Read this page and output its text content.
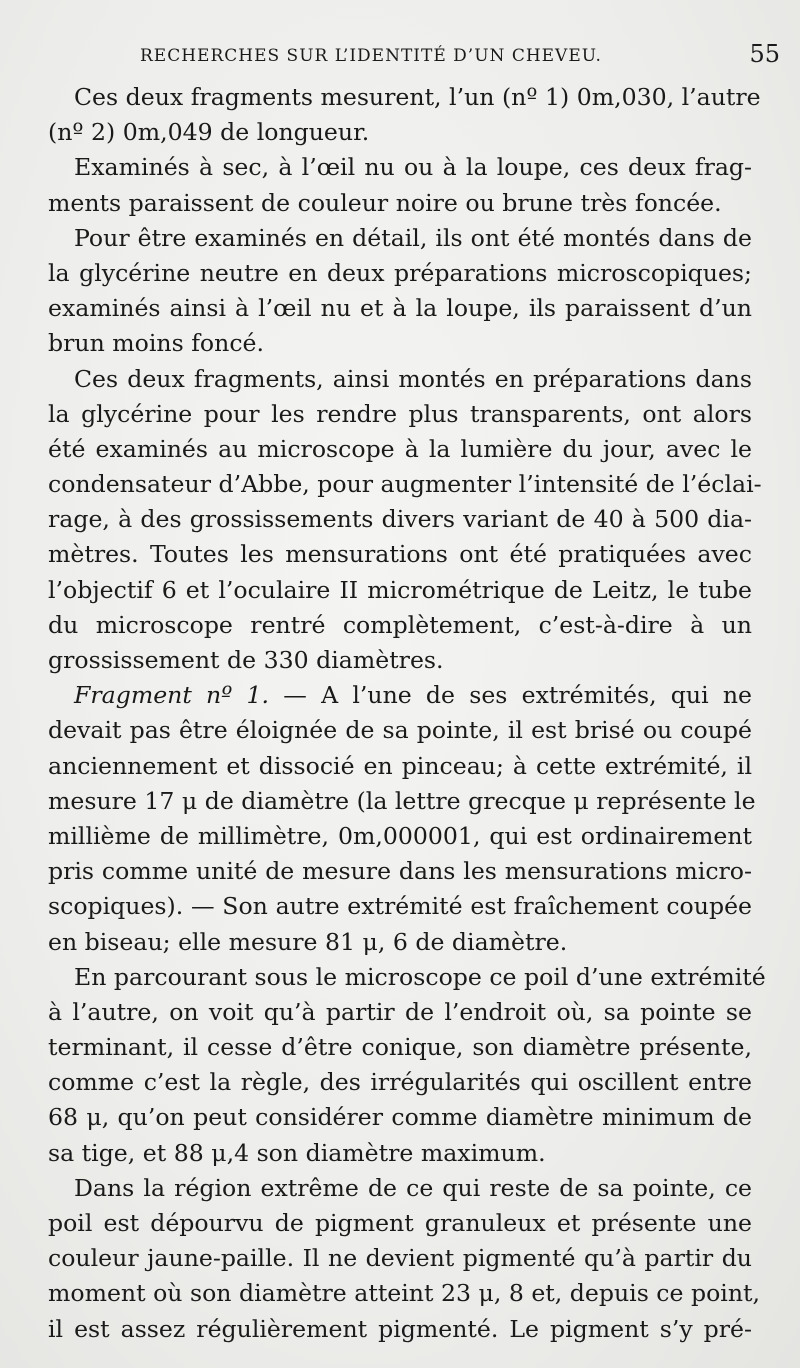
RECHERCHES SUR L’IDENTITÉ D’UN CHEVEU.	55
Ces deux fragments mesurent, l’un (nº 1) 0m,030, l’autre
(nº 2) 0m,049 de longueur.
Examinés à sec, à l’œil nu ou à la loupe, ces deux frag-
ments paraissent de couleur noire ou brune très foncée.
Pour être examinés en détail, ils ont été montés dans de
la glycérine neutre en deux préparations microscopiques;
examinés ainsi à l’œil nu et à la loupe, ils paraissent d’un
brun moins foncé.
Ces deux fragments, ainsi montés en préparations dans
la glycérine pour les rendre plus transparents, ont alors
été examinés au microscope à la lumière du jour, avec le
condensateur d’Abbe, pour augmenter l’intensité de l’éclai-
rage, à des grossissements divers variant de 40 à 500 dia-
mètres. Toutes les mensurations ont été pratiquées avec
l’objectif 6 et l’oculaire II micrométrique de Leitz, le tube
du microscope rentré complètement, c’est-à-dire à un
grossissement de 330 diamètres.
Fragment nº 1. — A l’une de ses extrémités, qui ne
devait pas être éloignée de sa pointe, il est brisé ou coupé
anciennement et dissocié en pinceau; à cette extrémité, il
mesure 17 μ de diamètre (la lettre grecque μ représente le
millième de millimètre, 0m,000001, qui est ordinairement
pris comme unité de mesure dans les mensurations micro-
scopiques). — Son autre extrémité est fraîchement coupée
en biseau; elle mesure 81 μ, 6 de diamètre.
En parcourant sous le microscope ce poil d’une extrémité
à l’autre, on voit qu’à partir de l’endroit où, sa pointe se
terminant, il cesse d’être conique, son diamètre présente,
comme c’est la règle, des irrégularités qui oscillent entre
68 μ, qu’on peut considérer comme diamètre minimum de
sa tige, et 88 μ,4 son diamètre maximum.
Dans la région extrême de ce qui reste de sa pointe, ce
poil est dépourvu de pigment granuleux et présente une
couleur jaune-paille. Il ne devient pigmenté qu’à partir du
moment où son diamètre atteint 23 μ, 8 et, depuis ce point,
il est assez régulièrement pigmenté. Le pigment s’y pré-
